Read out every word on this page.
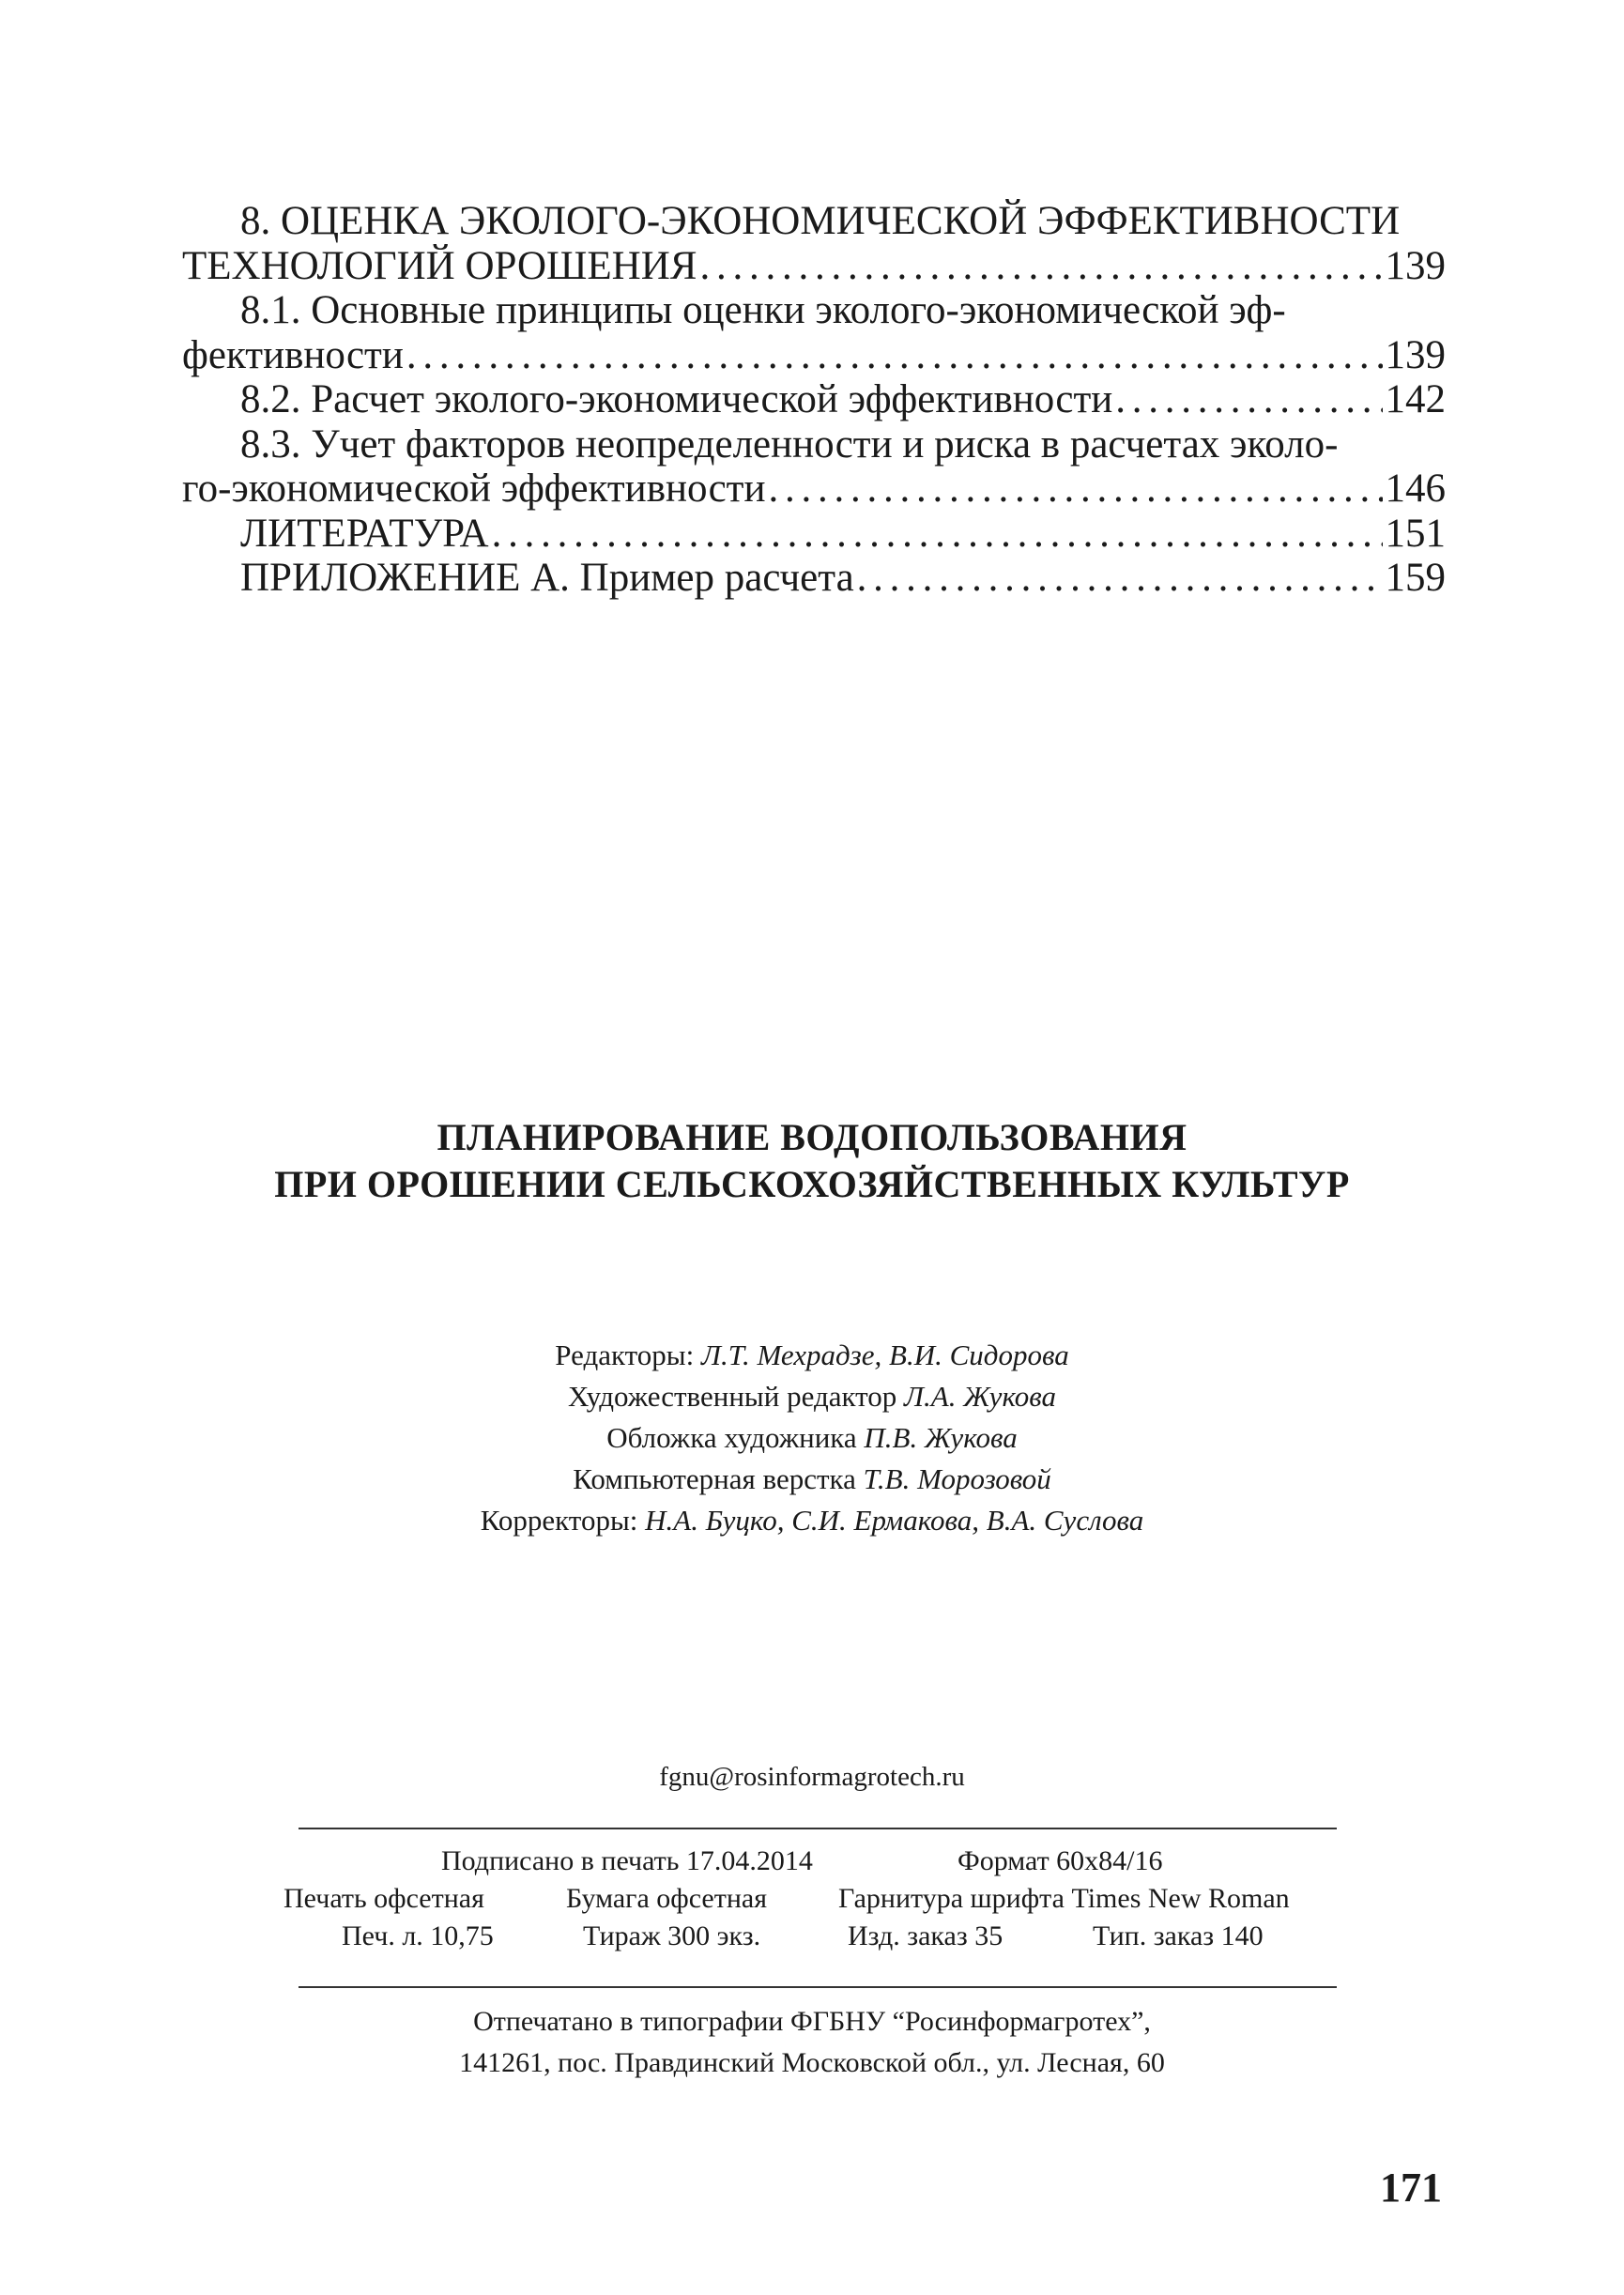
8. ОЦЕНКА ЭКОЛОГО-ЭКОНОМИЧЕСКОЙ ЭФФЕКТИВНОСТИ
ТЕХНОЛОГИЙ ОРОШЕНИЯ . . .	139
8.1. Основные принципы оценки эколого-экономической эф-
фективности . . .	139
8.2. Расчет эколого-экономической эффективности . . .	142
8.3. Учет факторов неопределенности и риска в расчетах эколо-
го-экономической эффективности . . .	146
ЛИТЕРАТУРА . . .	151
ПРИЛОЖЕНИЕ А. Пример расчета . . .	159
ПЛАНИРОВАНИЕ ВОДОПОЛЬЗОВАНИЯ
ПРИ ОРОШЕНИИ СЕЛЬСКОХОЗЯЙСТВЕННЫХ КУЛЬТУР
Редакторы: Л.Т. Мехрадзе, В.И. Сидорова
Художественный редактор Л.А. Жукова
Обложка художника П.В. Жукова
Компьютерная верстка Т.В. Морозовой
Корректоры: Н.А. Буцко, С.И. Ермакова, В.А. Суслова
fgnu@rosinformagrotech.ru
Подписано в печать 17.04.2014	Формат 60х84/16
Печать офсетная	Бумага офсетная	Гарнитура шрифта Times New Roman
Печ. л. 10,75	Тираж 300 экз.	Изд. заказ 35	Тип. заказ 140
Отпечатано в типографии ФГБНУ “Росинформагротех”,
141261, пос. Правдинский Московской обл., ул. Лесная, 60
171
